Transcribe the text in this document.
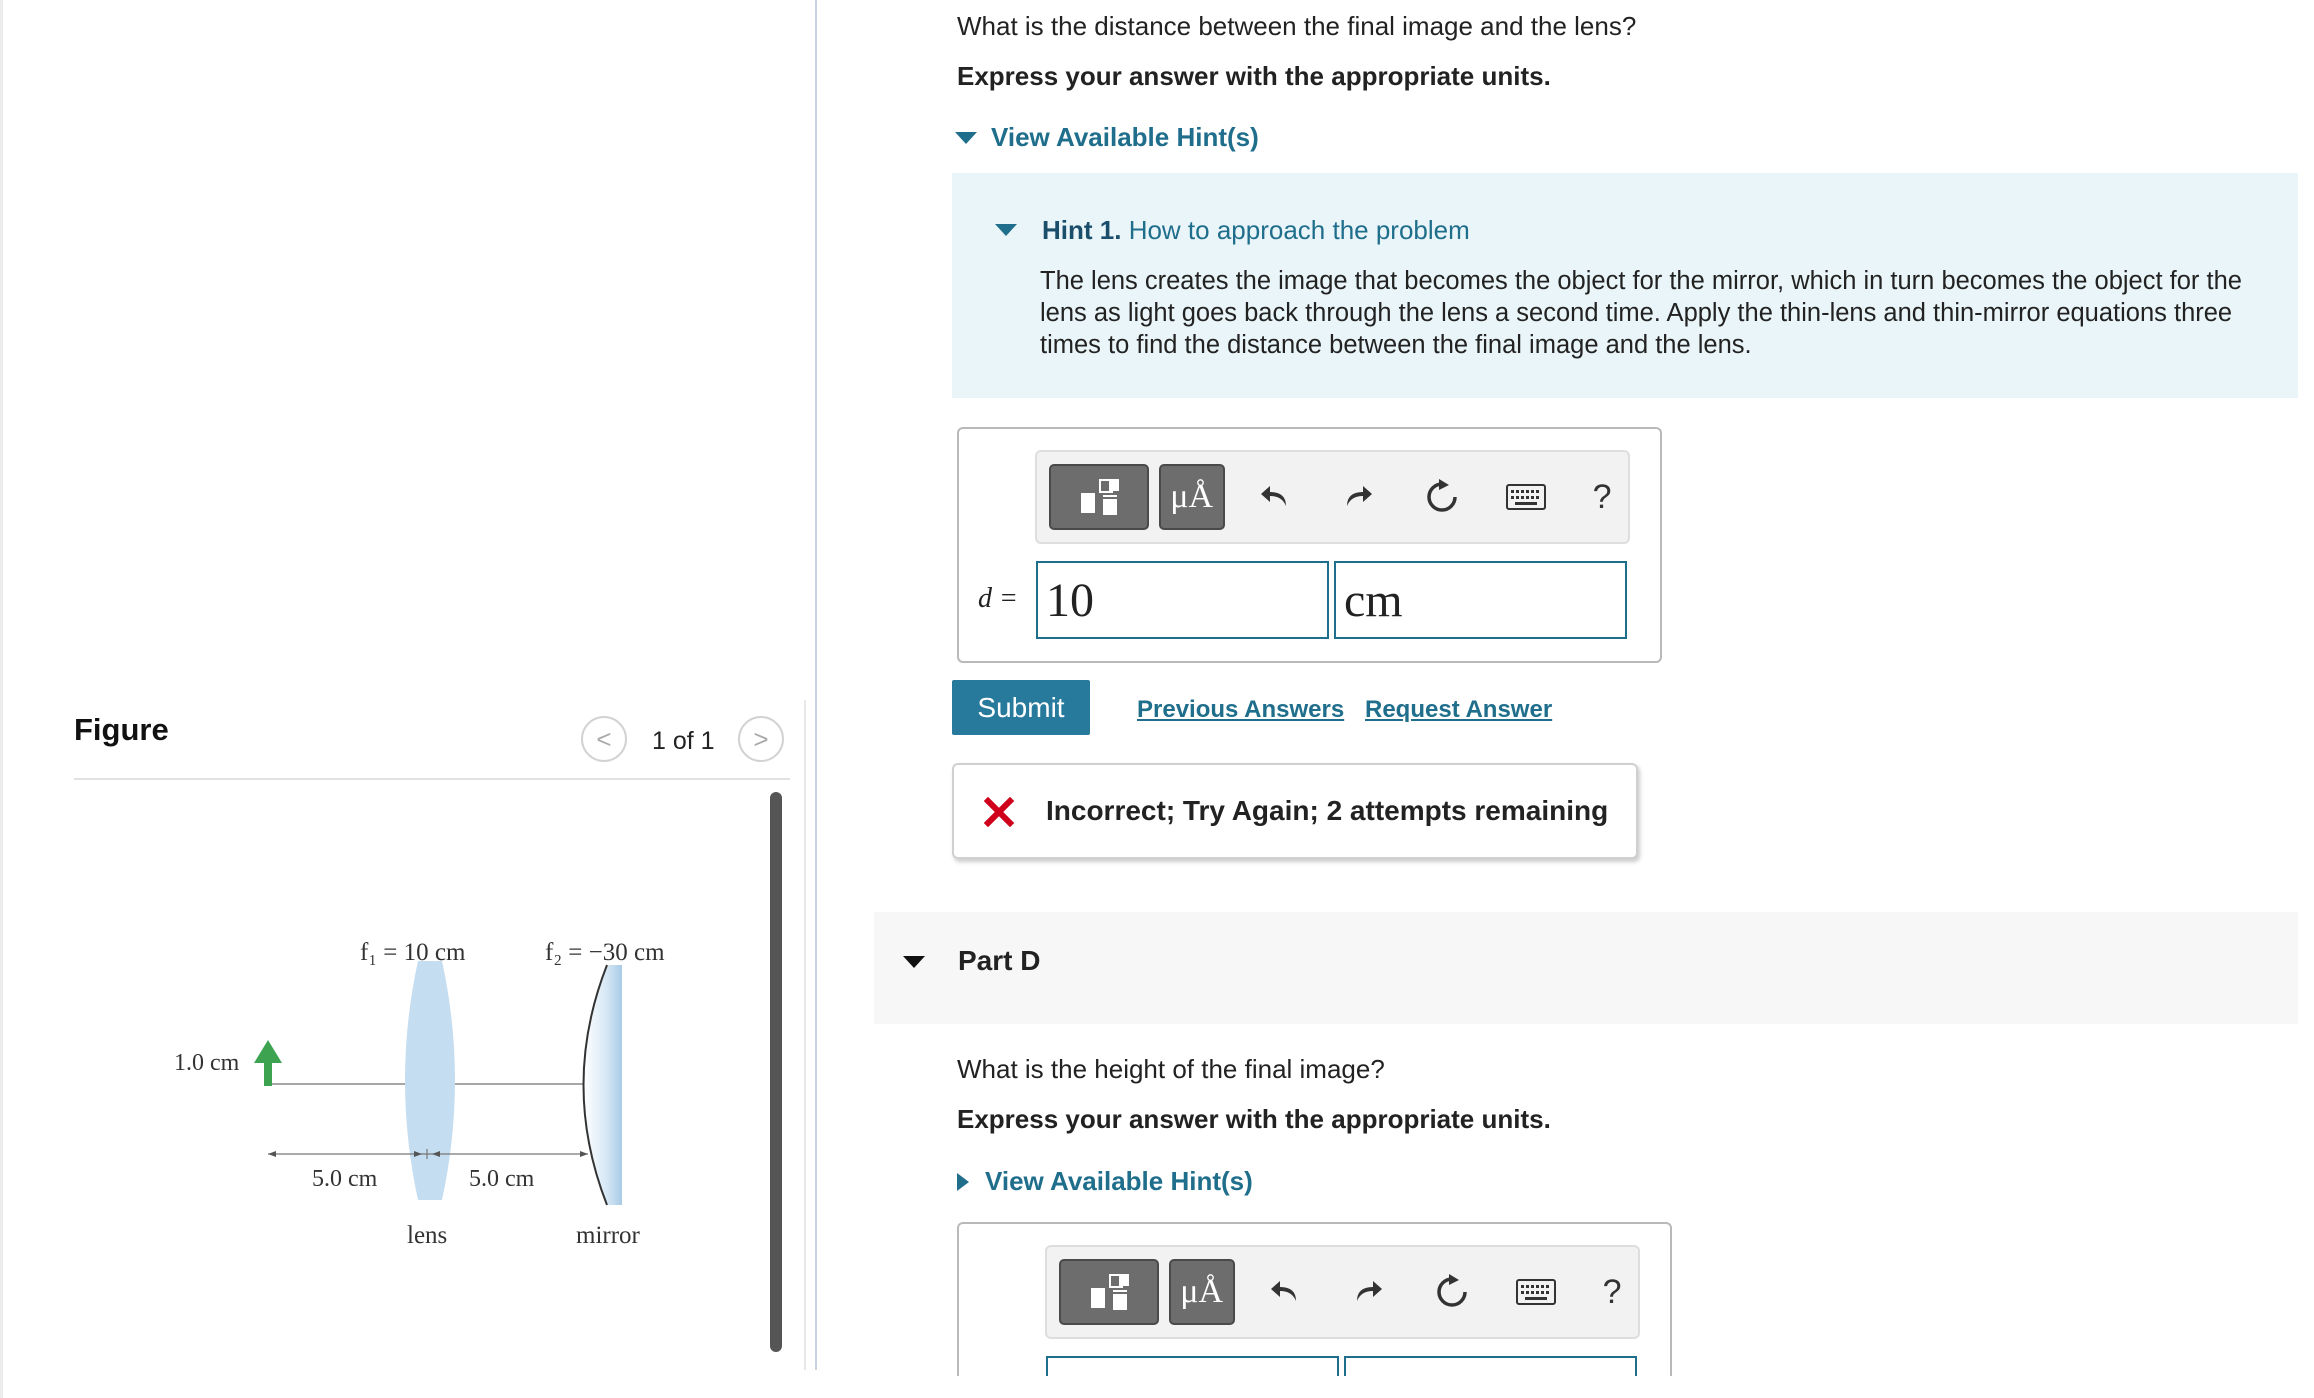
Figure	< 1 of 1 >
f₁ = 10 cm	f₂ = −30 cm
1.0 cm
5.0 cm	5.0 cm
lens	mirror
What is the distance between the final image and the lens?
Express your answer with the appropriate units.
View Available Hint(s)
Hint 1. How to approach the problem
The lens creates the image that becomes the object for the mirror, which in turn becomes the object for the lens as light goes back through the lens a second time. Apply the thin-lens and thin-mirror equations three times to find the distance between the final image and the lens.
μÅ	?
d = 10	cm
Submit	Previous Answers Request Answer
Incorrect; Try Again; 2 attempts remaining
Part D
What is the height of the final image?
Express your answer with the appropriate units.
View Available Hint(s)
μÅ	?
